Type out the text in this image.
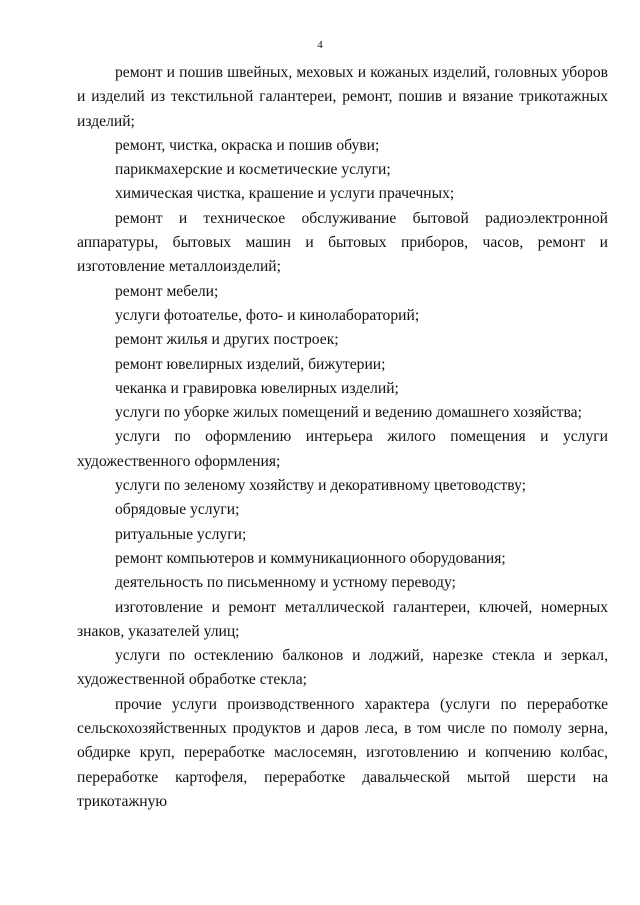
4

ремонт и пошив швейных, меховых и кожаных изделий, головных уборов и изделий из текстильной галантереи, ремонт, пошив и вязание трикотажных изделий;

ремонт, чистка, окраска и пошив обуви;

парикмахерские и косметические услуги;

химическая чистка, крашение и услуги прачечных;

ремонт и техническое обслуживание бытовой радиоэлектронной аппаратуры, бытовых машин и бытовых приборов, часов, ремонт и изготовление металлоизделий;

ремонт мебели;

услуги фотоателье, фото- и кинолабораторий;

ремонт жилья и других построек;

ремонт ювелирных изделий, бижутерии;

чеканка и гравировка ювелирных изделий;

услуги по уборке жилых помещений и ведению домашнего хозяйства;

услуги по оформлению интерьера жилого помещения и услуги художественного оформления;

услуги по зеленому хозяйству и декоративному цветоводству;

обрядовые услуги;

ритуальные услуги;

ремонт компьютеров и коммуникационного оборудования;

деятельность по письменному и устному переводу;

изготовление и ремонт металлической галантереи, ключей, номерных знаков, указателей улиц;

услуги по остеклению балконов и лоджий, нарезке стекла и зеркал, художественной обработке стекла;

прочие услуги производственного характера (услуги по переработке сельскохозяйственных продуктов и даров леса, в том числе по помолу зерна, обдирке круп, переработке маслосемян, изготовлению и копчению колбас, переработке картофеля, переработке давальческой мытой шерсти на трикотажную
